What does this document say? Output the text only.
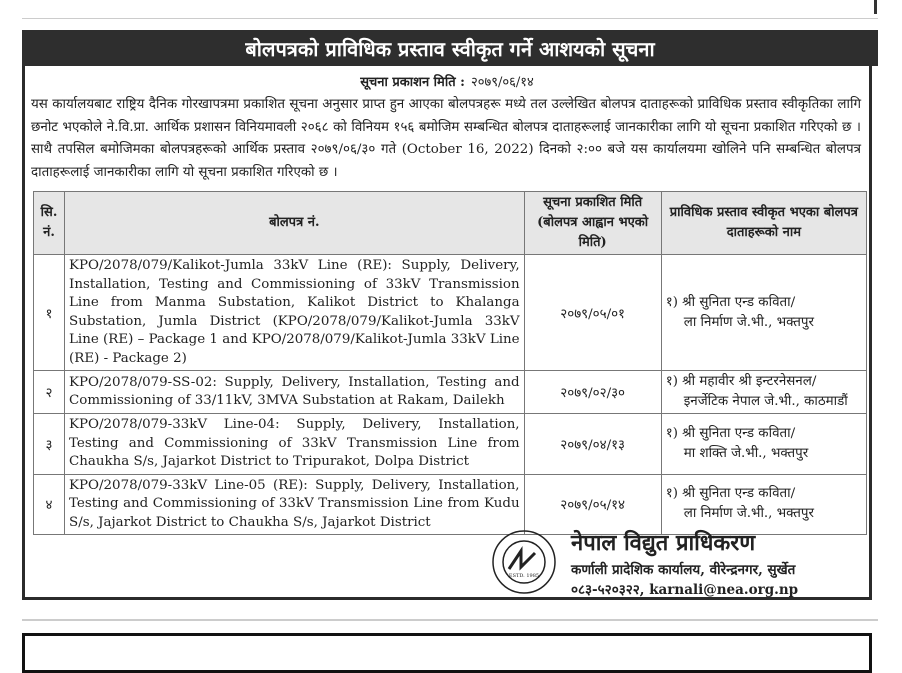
बोलपत्रको प्राविधिक प्रस्ताव स्वीकृत गर्ने आशयको सूचना
सूचना प्रकाशन मिति : २०७९/०६/१४
यस कार्यालयबाट राष्ट्रिय दैनिक गोरखापत्रमा प्रकाशित सूचना अनुसार प्राप्त हुन आएका बोलपत्रहरू मध्ये तल उल्लेखित बोलपत्र दाताहरूको प्राविधिक प्रस्ताव स्वीकृतिका लागि छनोट भएकोले ने.वि.प्रा. आर्थिक प्रशासन विनियमावली २०६८ को विनियम १५६ बमोजिम सम्बन्धित बोलपत्र दाताहरूलाई जानकारीका लागि यो सूचना प्रकाशित गरिएको छ । साथै तपसिल बमोजिमका बोलपत्रहरूको आर्थिक प्रस्ताव २०७९/०६/३० गते (October 16, 2022) दिनको २:०० बजे यस कार्यालयमा खोलिने पनि सम्बन्धित बोलपत्र दाताहरूलाई जानकारीका लागि यो सूचना प्रकाशित गरिएको छ ।
सि. नं.	बोलपत्र नं.	सूचना प्रकाशित मिति (बोलपत्र आह्वान भएको मिति)	प्राविधिक प्रस्ताव स्वीकृत भएका बोलपत्र दाताहरूको नाम
१	KPO/2078/079/Kalikot-Jumla 33kV Line (RE): Supply, Delivery, Installation, Testing and Commissioning of 33kV Transmission Line from Manma Substation, Kalikot District to Khalanga Substation, Jumla District (KPO/2078/079/Kalikot-Jumla 33kV Line (RE) – Package 1 and KPO/2078/079/Kalikot-Jumla 33kV Line (RE) - Package 2)	२०७९/०५/०१	१) श्री सुनिता एन्ड कविता/
ला निर्माण जे.भी., भक्तपुर

२	KPO/2078/079-SS-02: Supply, Delivery, Installation, Testing and Commissioning of 33/11kV, 3MVA Substation at Rakam, Dailekh	२०७९/०२/३०	१) श्री महावीर श्री इन्टरनेसनल/
इनर्जेटिक नेपाल जे.भी., काठमाडौं

३	KPO/2078/079-33kV Line-04: Supply, Delivery, Installation, Testing and Commissioning of 33kV Transmission Line from Chaukha S/s, Jajarkot District to Tripurakot, Dolpa District	२०७९/०४/१३	१) श्री सुनिता एन्ड कविता/
मा शक्ति जे.भी., भक्तपुर

४	KPO/2078/079-33kV Line-05 (RE): Supply, Delivery, Installation, Testing and Commissioning of 33kV Transmission Line from Kudu S/s, Jajarkot District to Chaukha S/s, Jajarkot District	२०७९/०५/१४	१) श्री सुनिता एन्ड कविता/
ला निर्माण जे.भी., भक्तपुर
ESTD. 1985
नेपाल विद्युत प्राधिकरण
कर्णाली प्रादेशिक कार्यालय, वीरेन्द्रनगर, सुर्खेत
०८३-५२०३२२, karnali@nea.org.np
